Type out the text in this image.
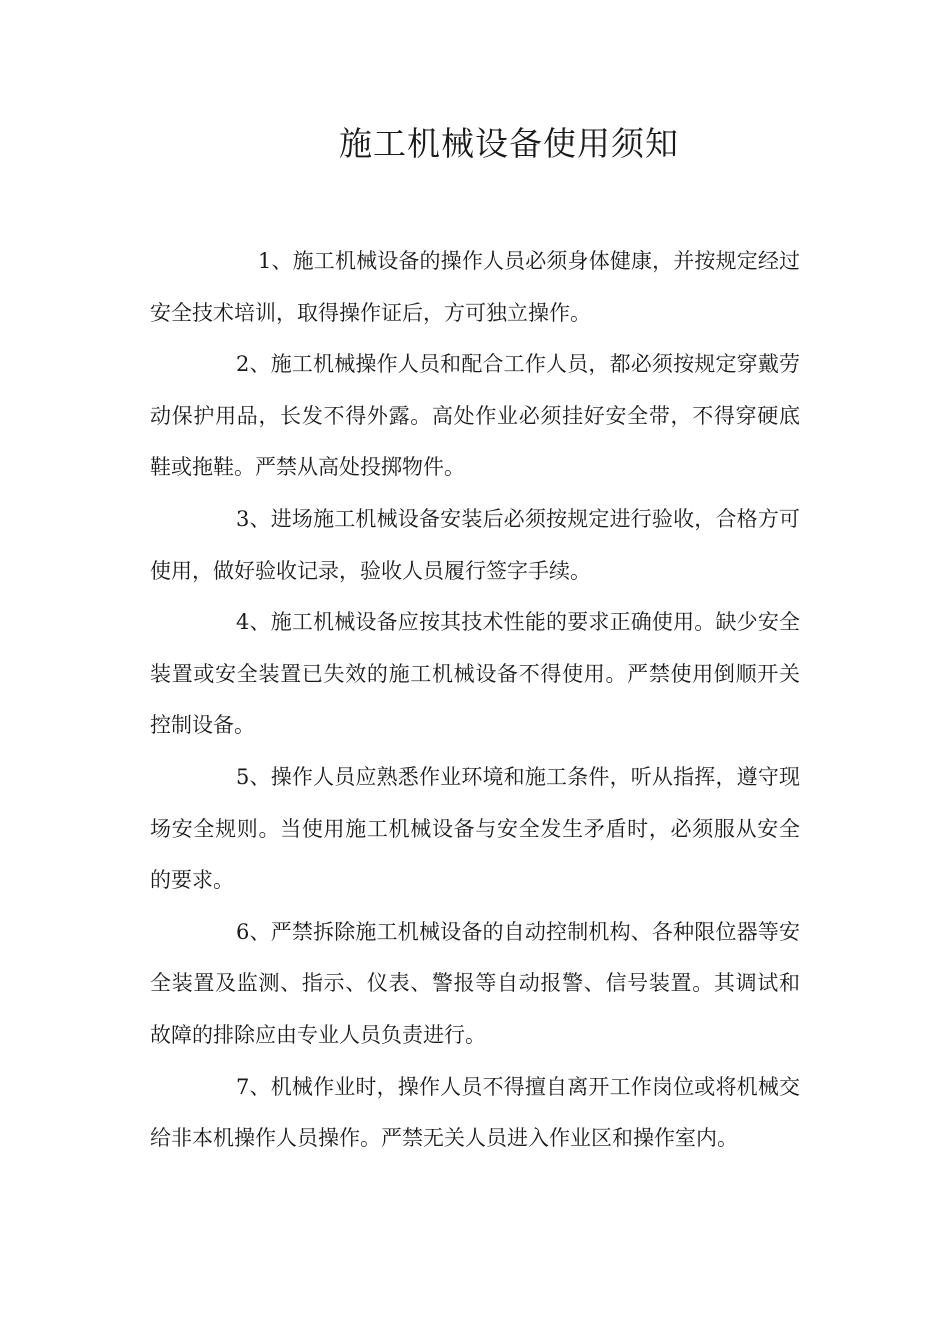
施工机械设备使用须知

1、施工机械设备的操作人员必须身体健康，并按规定经过安全技术培训，取得操作证后，方可独立操作。

2、施工机械操作人员和配合工作人员，都必须按规定穿戴劳动保护用品，长发不得外露。高处作业必须挂好安全带，不得穿硬底鞋或拖鞋。严禁从高处投掷物件。

3、进场施工机械设备安装后必须按规定进行验收，合格方可使用，做好验收记录，验收人员履行签字手续。

4、施工机械设备应按其技术性能的要求正确使用。缺少安全装置或安全装置已失效的施工机械设备不得使用。严禁使用倒顺开关控制设备。

5、操作人员应熟悉作业环境和施工条件，听从指挥，遵守现场安全规则。当使用施工机械设备与安全发生矛盾时，必须服从安全的要求。

6、严禁拆除施工机械设备的自动控制机构、各种限位器等安全装置及监测、指示、仪表、警报等自动报警、信号装置。其调试和故障的排除应由专业人员负责进行。

7、机械作业时，操作人员不得擅自离开工作岗位或将机械交给非本机操作人员操作。严禁无关人员进入作业区和操作室内。
